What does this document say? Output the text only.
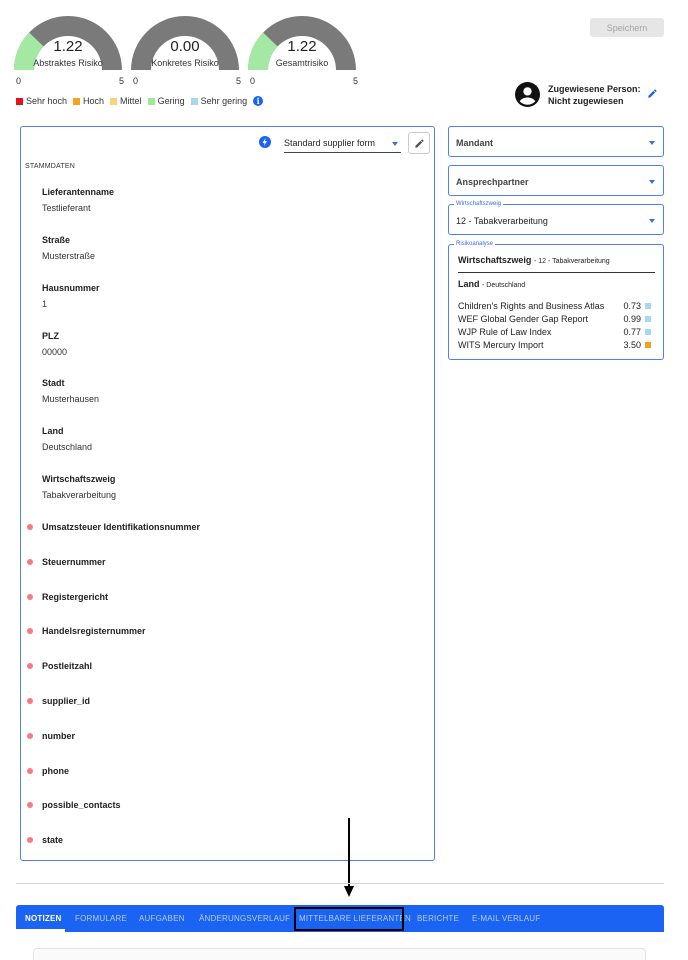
1.22
Abstraktes Risiko
0	5
0.00
Konkretes Risiko
0	5
1.22
Gesamtrisiko
0	5
Sehr hoch Hoch Mittel Gering Sehr gering	i
Speichern
Zugewiesene Person:
Nicht zugewiesen
Standard supplier form
STAMMDATEN
Lieferantenname
Testlieferant
Straße
Musterstraße
Hausnummer
1
PLZ
00000
Stadt
Musterhausen
Land
Deutschland
Wirtschaftszweig
Tabakverarbeitung
Umsatzsteuer Identifikationsnummer
Steuernummer
Registergericht
Handelsregisternummer
Postleitzahl
supplier_id
number
phone
possible_contacts
state
Mandant
Ansprechpartner
Wirtschaftszweig
12 - Tabakverarbeitung
Risikoanalyse
Wirtschaftszweig - 12 - Tabakverarbeitung
Land - Deutschland
Children's Rights and Business Atlas	0.73
WEF Global Gender Gap Report	0.99
WJP Rule of Law Index	0.77
WITS Mercury Import	3.50
NOTIZEN FORMULARE AUFGABEN ÄNDERUNGSVERLAUF MITTELBARE LIEFERANTEN BERICHTE E-MAIL VERLAUF
